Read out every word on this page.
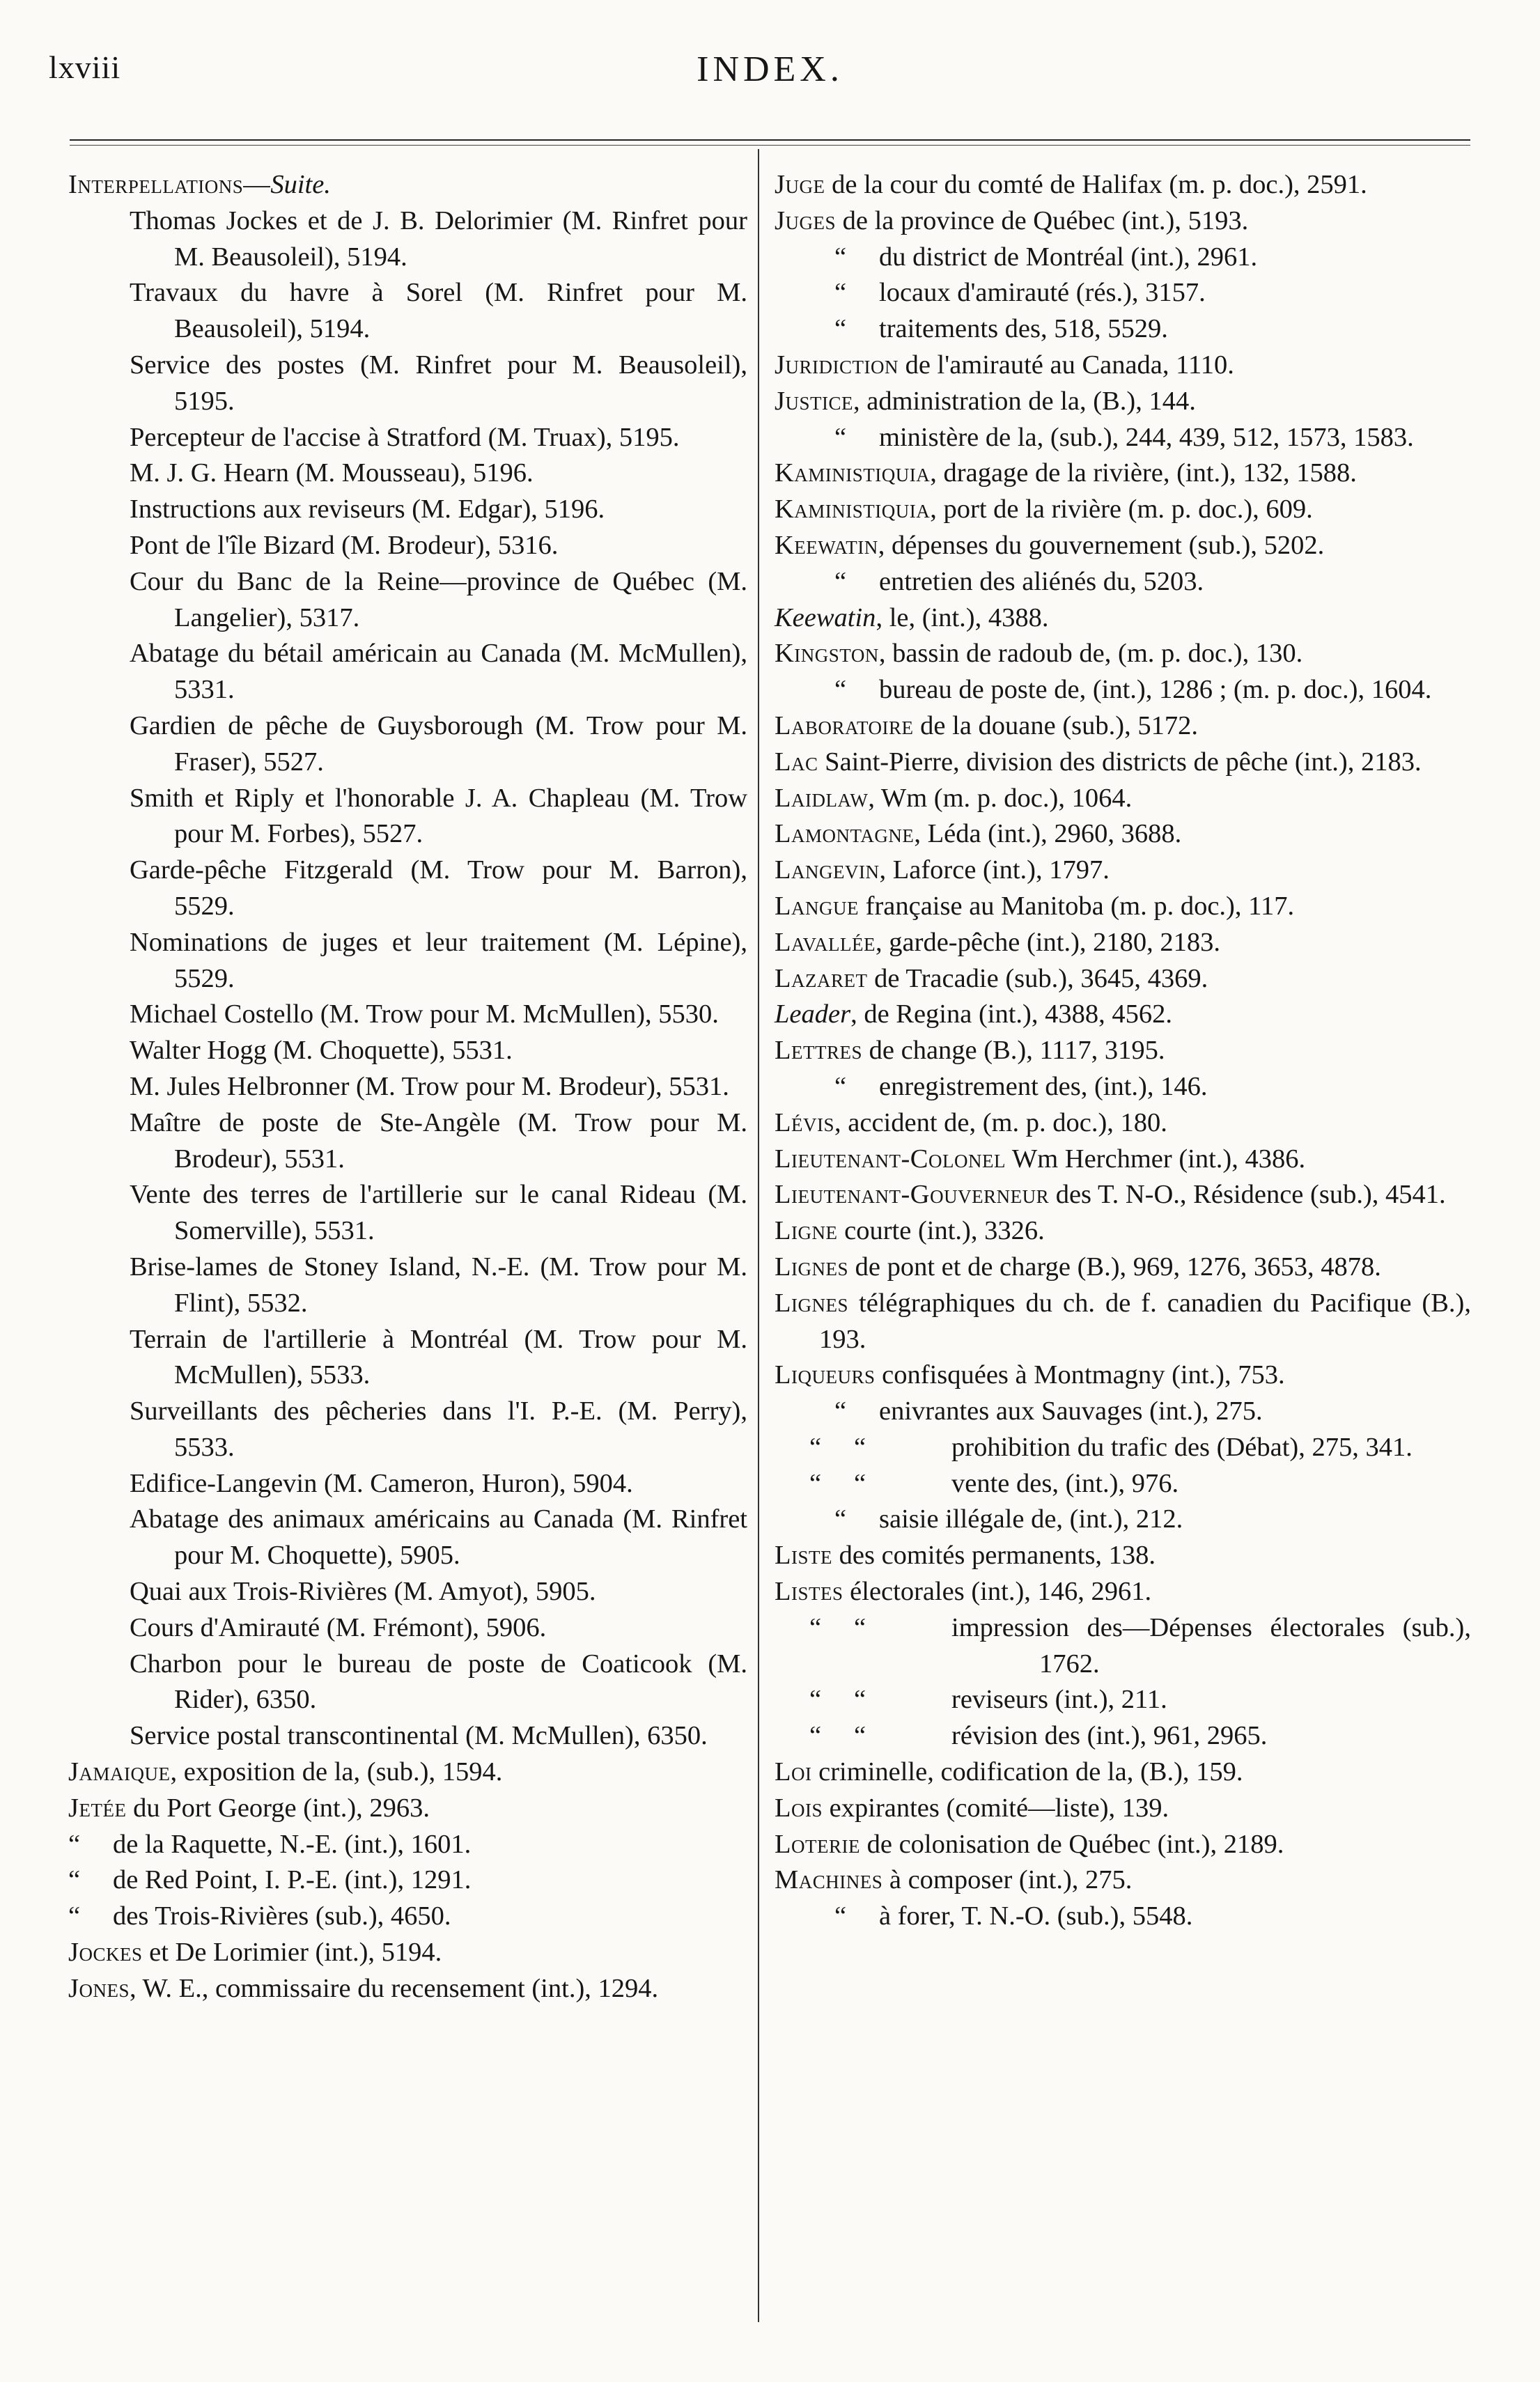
lxviii	INDEX.
Interpellations—Suite.
Thomas Jockes et de J. B. Delorimier (M. Rinfret pour M. Beausoleil), 5194.
Travaux du havre à Sorel (M. Rinfret pour M. Beausoleil), 5194.
Service des postes (M. Rinfret pour M. Beausoleil), 5195.
Percepteur de l'accise à Stratford (M. Truax), 5195.
M. J. G. Hearn (M. Mousseau), 5196.
Instructions aux reviseurs (M. Edgar), 5196.
Pont de l'île Bizard (M. Brodeur), 5316.
Cour du Banc de la Reine—province de Québec (M. Langelier), 5317.
Abatage du bétail américain au Canada (M. McMullen), 5331.
Gardien de pêche de Guysborough (M. Trow pour M. Fraser), 5527.
Smith et Riply et l'honorable J. A. Chapleau (M. Trow pour M. Forbes), 5527.
Garde-pêche Fitzgerald (M. Trow pour M. Barron), 5529.
Nominations de juges et leur traitement (M. Lépine), 5529.
Michael Costello (M. Trow pour M. McMullen), 5530.
Walter Hogg (M. Choquette), 5531.
M. Jules Helbronner (M. Trow pour M. Brodeur), 5531.
Maître de poste de Ste-Angèle (M. Trow pour M. Brodeur), 5531.
Vente des terres de l'artillerie sur le canal Rideau (M. Somerville), 5531.
Brise-lames de Stoney Island, N.-E. (M. Trow pour M. Flint), 5532.
Terrain de l'artillerie à Montréal (M. Trow pour M. McMullen), 5533.
Surveillants des pêcheries dans l'I. P.-E. (M. Perry), 5533.
Edifice-Langevin (M. Cameron, Huron), 5904.
Abatage des animaux américains au Canada (M. Rinfret pour M. Choquette), 5905.
Quai aux Trois-Rivières (M. Amyot), 5905.
Cours d'Amirauté (M. Frémont), 5906.
Charbon pour le bureau de poste de Coaticook (M. Rider), 6350.
Service postal transcontinental (M. McMullen), 6350.
Jamaique, exposition de la, (sub.), 1594.
Jetée du Port George (int.), 2963.
“ de la Raquette, N.-E. (int.), 1601.
“ de Red Point, I. P.-E. (int.), 1291.
“ des Trois-Rivières (sub.), 4650.
Jockes et De Lorimier (int.), 5194.
Jones, W. E., commissaire du recensement (int.), 1294.
Juge de la cour du comté de Halifax (m. p. doc.), 2591.
Juges de la province de Québec (int.), 5193.
“ du district de Montréal (int.), 2961.
“ locaux d'amirauté (rés.), 3157.
“ traitements des, 518, 5529.
Juridiction de l'amirauté au Canada, 1110.
Justice, administration de la, (B.), 144.
“ ministère de la, (sub.), 244, 439, 512, 1573, 1583.
Kaministiquia, dragage de la rivière, (int.), 132, 1588.
Kaministiquia, port de la rivière (m. p. doc.), 609.
Keewatin, dépenses du gouvernement (sub.), 5202.
“ entretien des aliénés du, 5203.
Keewatin, le, (int.), 4388.
Kingston, bassin de radoub de, (m. p. doc.), 130.
“ bureau de poste de, (int.), 1286 ; (m. p. doc.), 1604.
Laboratoire de la douane (sub.), 5172.
Lac Saint-Pierre, division des districts de pêche (int.), 2183.
Laidlaw, Wm (m. p. doc.), 1064.
Lamontagne, Léda (int.), 2960, 3688.
Langevin, Laforce (int.), 1797.
Langue française au Manitoba (m. p. doc.), 117.
Lavallée, garde-pêche (int.), 2180, 2183.
Lazaret de Tracadie (sub.), 3645, 4369.
Leader, de Regina (int.), 4388, 4562.
Lettres de change (B.), 1117, 3195.
“ enregistrement des, (int.), 146.
Lévis, accident de, (m. p. doc.), 180.
Lieutenant-Colonel Wm Herchmer (int.), 4386.
Lieutenant-Gouverneur des T. N-O., Résidence (sub.), 4541.
Ligne courte (int.), 3326.
Lignes de pont et de charge (B.), 969, 1276, 3653, 4878.
Lignes télégraphiques du ch. de f. canadien du Pacifique (B.), 193.
Liqueurs confisquées à Montmagny (int.), 753.
“ enivrantes aux Sauvages (int.), 275.
“ “	prohibition du trafic des (Débat), 275, 341.
“ “	vente des, (int.), 976.
“ saisie illégale de, (int.), 212.
Liste des comités permanents, 138.
Listes électorales (int.), 146, 2961.
“ “	impression des—Dépenses électorales (sub.), 1762.
“ “	reviseurs (int.), 211.
“ “	révision des (int.), 961, 2965.
Loi criminelle, codification de la, (B.), 159.
Lois expirantes (comité—liste), 139.
Loterie de colonisation de Québec (int.), 2189.
Machines à composer (int.), 275.
“ à forer, T. N.-O. (sub.), 5548.
